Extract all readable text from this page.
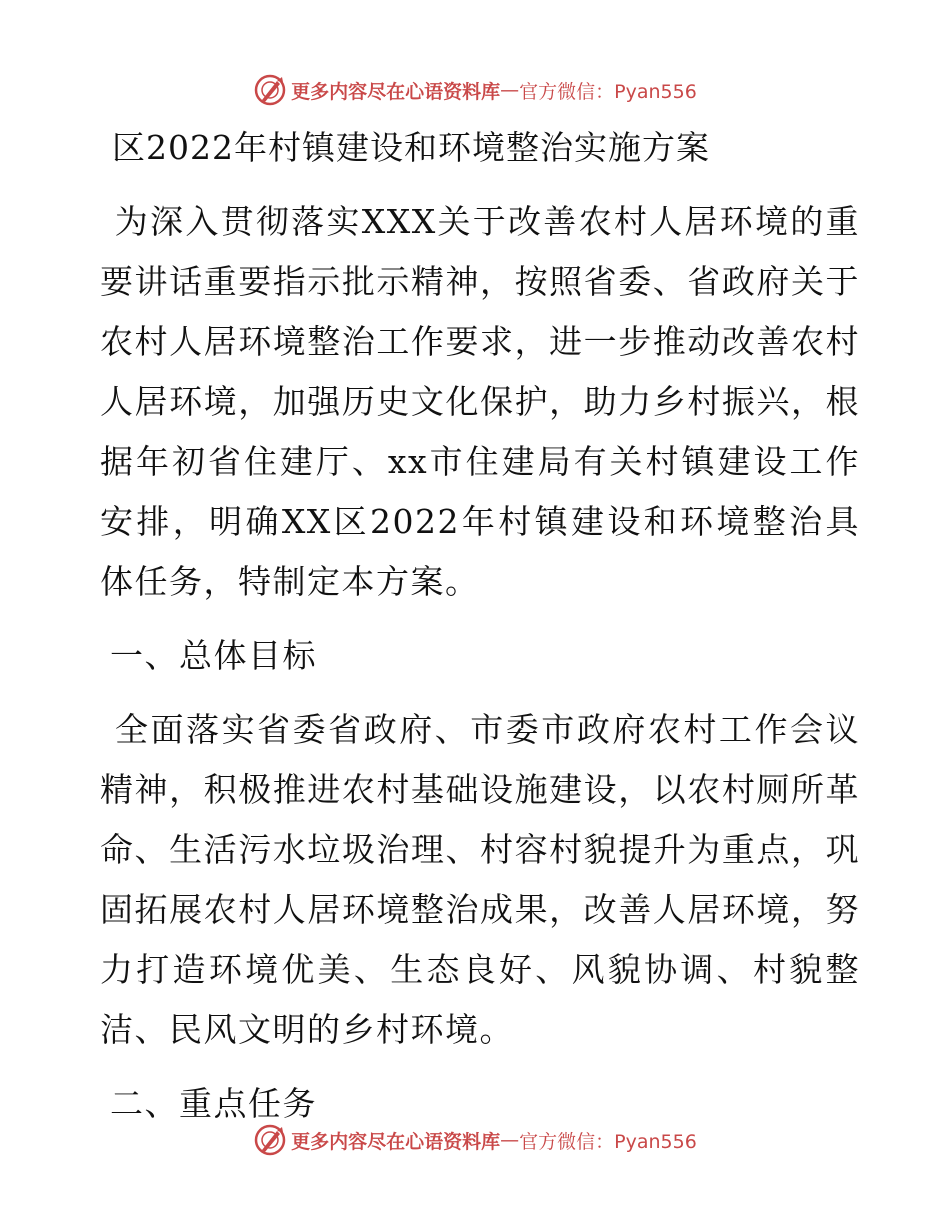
更多内容尽在心语资料库 — 官方微信：Pyan556
区2022年村镇建设和环境整治实施方案

为深入贯彻落实XXX关于改善农村人居环境的重要讲话重要指示批示精神，按照省委、省政府关于农村人居环境整治工作要求，进一步推动改善农村人居环境，加强历史文化保护，助力乡村振兴，根据年初省住建厅、xx市住建局有关村镇建设工作安排，明确XX区2022年村镇建设和环境整治具体任务，特制定本方案。

一、总体目标

全面落实省委省政府、市委市政府农村工作会议精神，积极推进农村基础设施建设，以农村厕所革命、生活污水垃圾治理、村容村貌提升为重点，巩固拓展农村人居环境整治成果，改善人居环境，努力打造环境优美、生态良好、风貌协调、村貌整洁、民风文明的乡村环境。

二、重点任务
更多内容尽在心语资料库 — 官方微信：Pyan556
